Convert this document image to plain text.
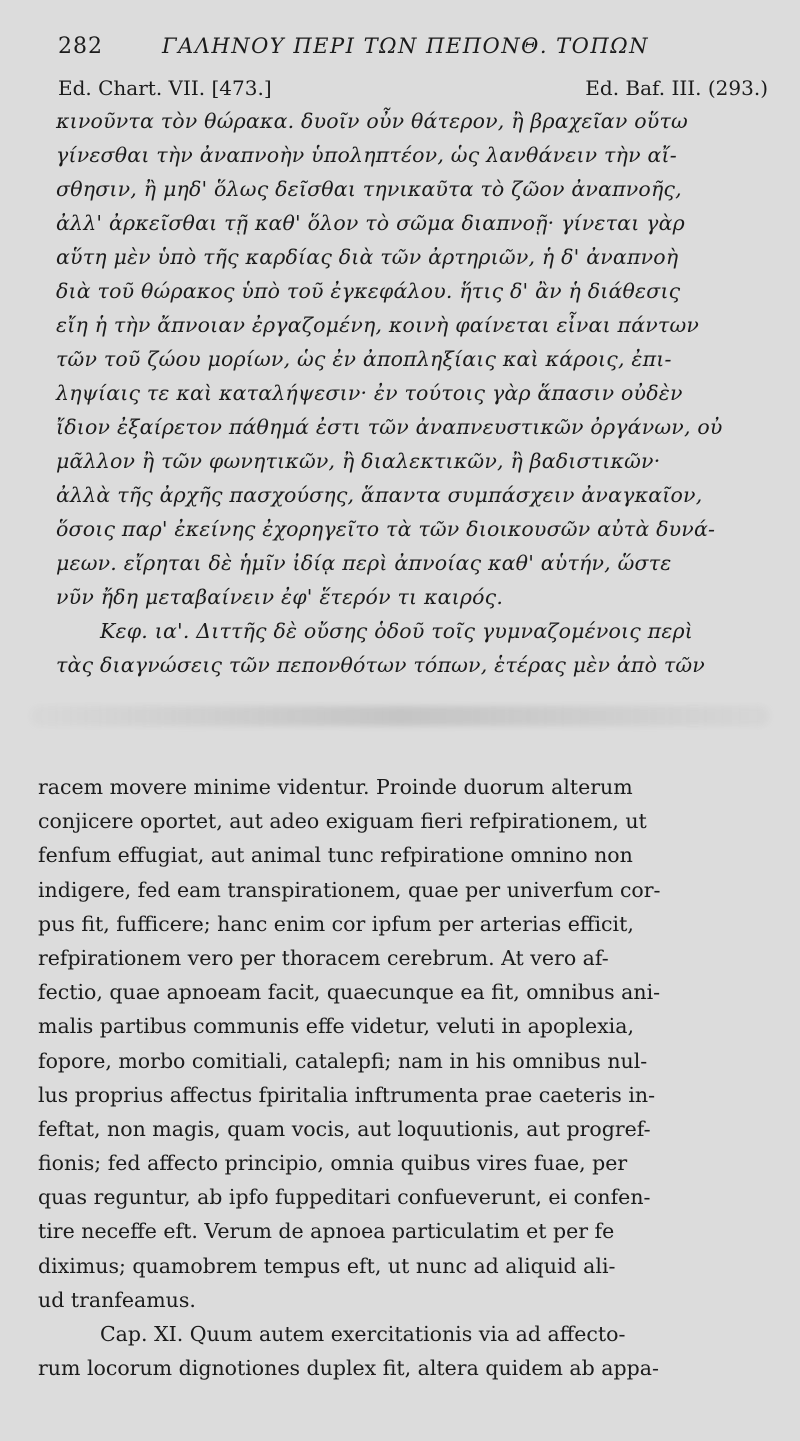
282	ΓΑΛΗΝΟΥ ΠΕΡΙ ΤΩΝ ΠΕΠΟΝΘ. ΤΟΠΩΝ
Ed. Chart. VII. [473.]	Ed. Baf. III. (293.)
κινοῦντα τὸν θώρακα. δυοῖν οὖν θάτερον, ἢ βραχεῖαν οὕτω
γίνεσθαι τὴν ἀναπνοὴν ὑποληπτέον, ὡς λανθάνειν τὴν αἴ-
σθησιν, ἢ μηδ' ὅλως δεῖσθαι τηνικαῦτα τὸ ζῶον ἀναπνοῆς,
ἀλλ' ἀρκεῖσθαι τῇ καθ' ὅλον τὸ σῶμα διαπνοῇ· γίνεται γὰρ
αὕτη μὲν ὑπὸ τῆς καρδίας διὰ τῶν ἀρτηριῶν, ἡ δ' ἀναπνοὴ
διὰ τοῦ θώρακος ὑπὸ τοῦ ἐγκεφάλου. ἥτις δ' ἂν ἡ διάθεσις
εἴη ἡ τὴν ἄπνοιαν ἐργαζομένη, κοινὴ φαίνεται εἶναι πάντων
τῶν τοῦ ζώου μορίων, ὡς ἐν ἀποπληξίαις καὶ κάροις, ἐπι-
ληψίαις τε καὶ καταλήψεσιν· ἐν τούτοις γὰρ ἅπασιν οὐδὲν
ἴδιον ἐξαίρετον πάθημά ἐστι τῶν ἀναπνευστικῶν ὀργάνων, οὐ
μᾶλλον ἢ τῶν φωνητικῶν, ἢ διαλεκτικῶν, ἢ βαδιστικῶν·
ἀλλὰ τῆς ἀρχῆς πασχούσης, ἅπαντα συμπάσχειν ἀναγκαῖον,
ὅσοις παρ' ἐκείνης ἐχορηγεῖτο τὰ τῶν διοικουσῶν αὐτὰ δυνά-
μεων. εἴρηται δὲ ἡμῖν ἰδίᾳ περὶ ἀπνοίας καθ' αὑτήν, ὥστε
νῦν ἤδη μεταβαίνειν ἐφ' ἕτερόν τι καιρός.
Κεφ. ια'. Διττῆς δὲ οὔσης ὁδοῦ τοῖς γυμναζομένοις περὶ
τὰς διαγνώσεις τῶν πεπονθότων τόπων, ἑτέρας μὲν ἀπὸ τῶν
racem movere minime videntur. Proinde duorum alterum
conjicere oportet, aut adeo exiguam fieri refpirationem, ut
fenfum effugiat, aut animal tunc refpiratione omnino non
indigere, fed eam transpirationem, quae per univerfum cor-
pus fit, fufficere; hanc enim cor ipfum per arterias efficit,
refpirationem vero per thoracem cerebrum. At vero af-
fectio, quae apnoeam facit, quaecunque ea fit, omnibus ani-
malis partibus communis effe videtur, veluti in apoplexia,
fopore, morbo comitiali, catalepfi; nam in his omnibus nul-
lus proprius affectus fpiritalia inftrumenta prae caeteris in-
feftat, non magis, quam vocis, aut loquutionis, aut progref-
fionis; fed affecto principio, omnia quibus vires fuae, per
quas reguntur, ab ipfo fuppeditari confueverunt, ei confen-
tire neceffe eft. Verum de apnoea particulatim et per fe
diximus; quamobrem tempus eft, ut nunc ad aliquid ali-
ud tranfeamus.
Cap. XI. Quum autem exercitationis via ad affecto-
rum locorum dignotiones duplex fit, altera quidem ab appa-
